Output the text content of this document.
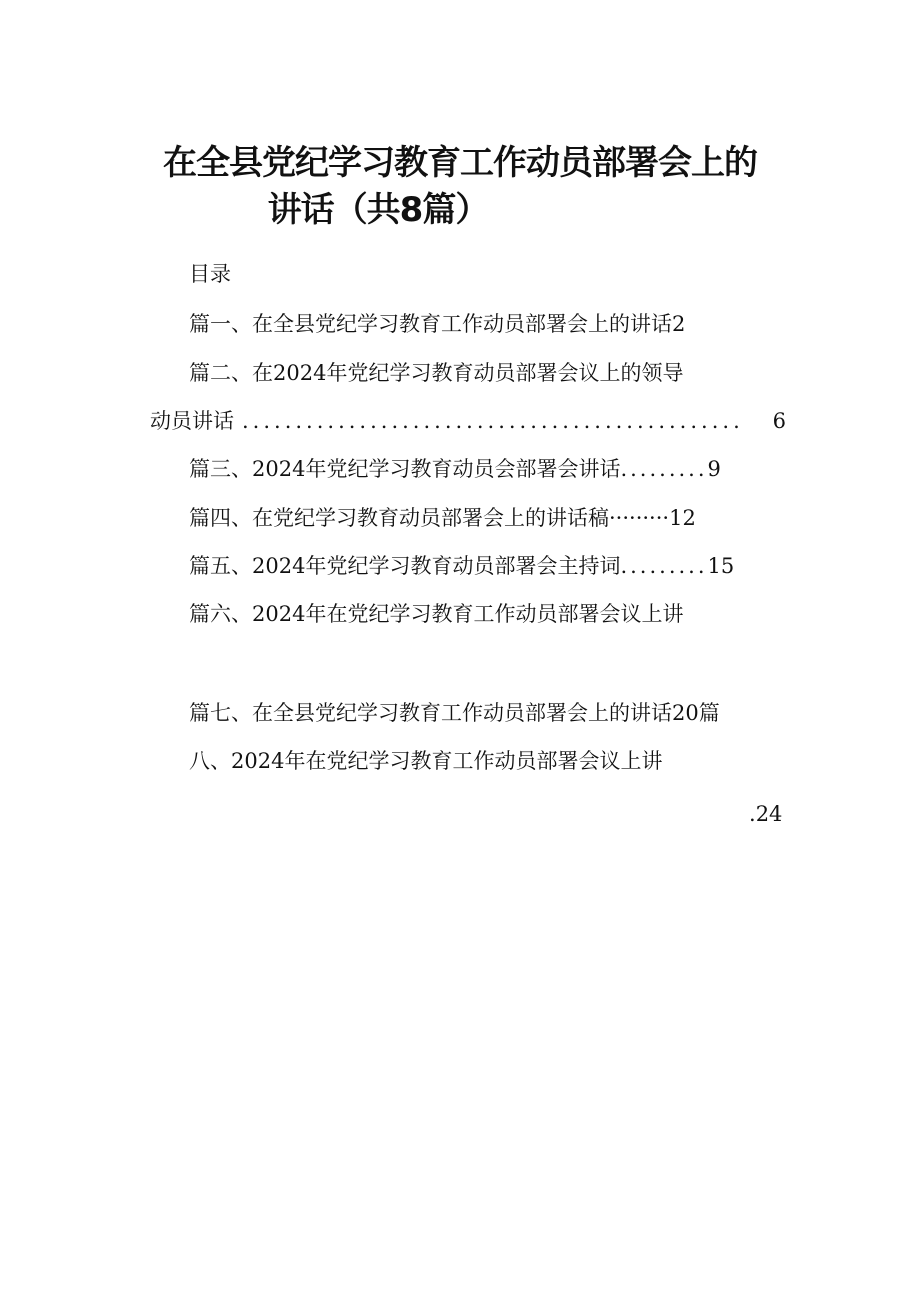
在全县党纪学习教育工作动员部署会上的
讲话（共8篇）
目录
篇一、在全县党纪学习教育工作动员部署会上的讲话2
篇二、在2024年党纪学习教育动员部署会议上的领导
动员讲话 ...............................................	6
篇三、2024年党纪学习教育动员会部署会讲话.........9
篇四、在党纪学习教育动员部署会上的讲话稿·········12
篇五、2024年党纪学习教育动员部署会主持词.........15
篇六、2024年在党纪学习教育工作动员部署会议上讲
篇七、在全县党纪学习教育工作动员部署会上的讲话20篇
八、2024年在党纪学习教育工作动员部署会议上讲
.24
